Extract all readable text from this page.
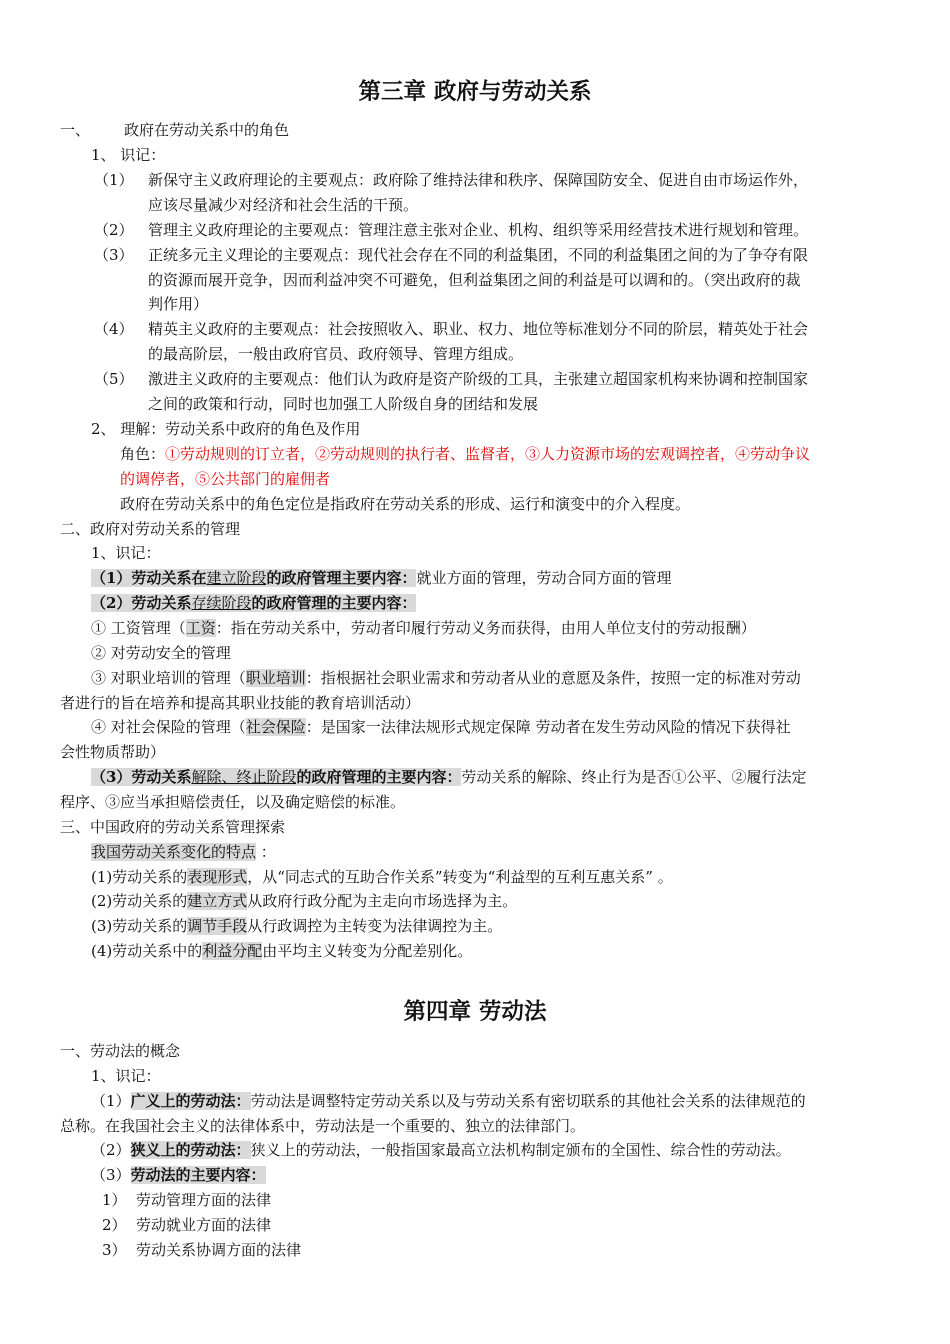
第三章 政府与劳动关系
一、 政府在劳动关系中的角色
1、 识记：
（1） 新保守主义政府理论的主要观点：政府除了维持法律和秩序、保障国防安全、促进自由市场运作外，
应该尽量减少对经济和社会生活的干预。
（2） 管理主义政府理论的主要观点：管理注意主张对企业、机构、组织等采用经营技术进行规划和管理。
（3） 正统多元主义理论的主要观点：现代社会存在不同的利益集团，不同的利益集团之间的为了争夺有限
的资源而展开竞争，因而利益冲突不可避免，但利益集团之间的利益是可以调和的。（突出政府的裁
判作用）
（4） 精英主义政府的主要观点：社会按照收入、职业、权力、地位等标准划分不同的阶层，精英处于社会
的最高阶层，一般由政府官员、政府领导、管理方组成。
（5） 激进主义政府的主要观点：他们认为政府是资产阶级的工具，主张建立超国家机构来协调和控制国家
之间的政策和行动，同时也加强工人阶级自身的团结和发展
2、 理解：劳动关系中政府的角色及作用
角色：①劳动规则的订立者，②劳动规则的执行者、监督者，③人力资源市场的宏观调控者，④劳动争议
的调停者，⑤公共部门的雇佣者
政府在劳动关系中的角色定位是指政府在劳动关系的形成、运行和演变中的介入程度。
二、政府对劳动关系的管理
1、识记：
（1）劳动关系在建立阶段的政府管理主要内容：就业方面的管理，劳动合同方面的管理
（2）劳动关系存续阶段的政府管理的主要内容：
① 工资管理（工资：指在劳动关系中，劳动者印履行劳动义务而获得，由用人单位支付的劳动报酬）
② 对劳动安全的管理
③ 对职业培训的管理（职业培训：指根据社会职业需求和劳动者从业的意愿及条件，按照一定的标准对劳动
者进行的旨在培养和提高其职业技能的教育培训活动）
④ 对社会保险的管理（社会保险：是国家一法律法规形式规定保障 劳动者在发生劳动风险的情况下获得社
会性物质帮助）
（3）劳动关系解除、终止阶段的政府管理的主要内容：劳动关系的解除、终止行为是否①公平、②履行法定
程序、③应当承担赔偿责任，以及确定赔偿的标准。
三、中国政府的劳动关系管理探索
我国劳动关系变化的特点 ：
(1)劳动关系的表现形式，从“同志式的互助合作关系”转变为“利益型的互利互惠关系” 。
(2)劳动关系的建立方式从政府行政分配为主走向市场选择为主。
(3)劳动关系的调节手段从行政调控为主转变为法律调控为主。
(4)劳动关系中的利益分配由平均主义转变为分配差别化。
第四章 劳动法
一、劳动法的概念
1、识记：
（1）广义上的劳动法：劳动法是调整特定劳动关系以及与劳动关系有密切联系的其他社会关系的法律规范的
总称。在我国社会主义的法律体系中，劳动法是一个重要的、独立的法律部门。
（2）狭义上的劳动法：狭义上的劳动法，一般指国家最高立法机构制定颁布的全国性、综合性的劳动法。
（3）劳动法的主要内容：
1） 劳动管理方面的法律
2） 劳动就业方面的法律
3） 劳动关系协调方面的法律
